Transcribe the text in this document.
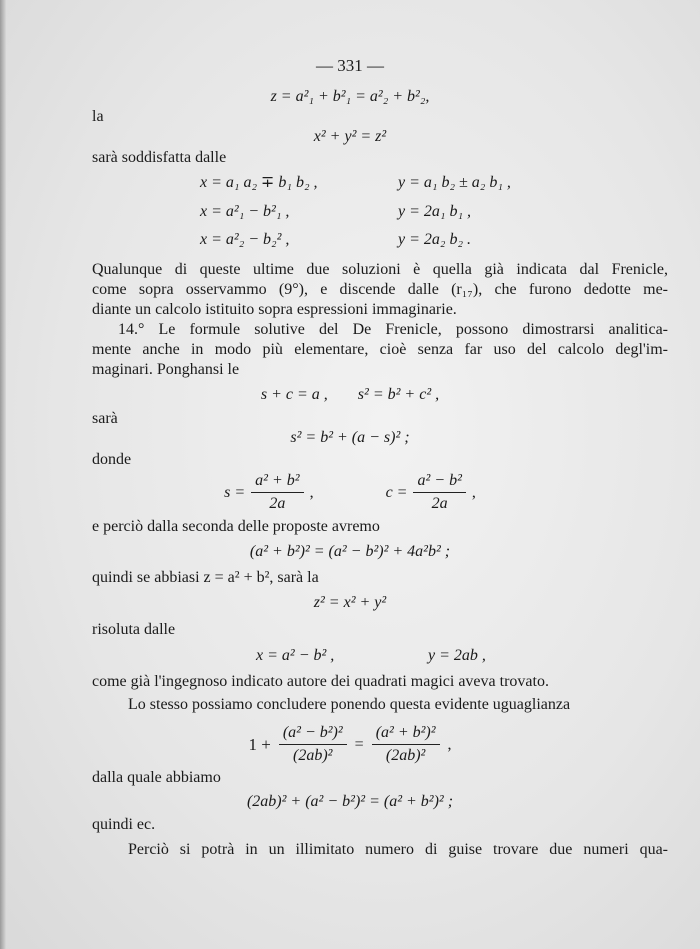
— 331 —
z = a²₁ + b²₁ = a²₂ + b²₂,
la
x² + y² = z²
sarà soddisfatta dalle
x = a₁ a₂ ∓ b₁ b₂ ,	y = a₁ b₂ ± a₂ b₁ ,
x = a²₁ − b²₁ ,	y = 2a₁ b₁ ,
x = a²₂ − b₂² ,	y = 2a₂ b₂ .
Qualunque di queste ultime due soluzioni è quella già indicata dal Frenicle,
come sopra osservammo (9°), e discende dalle (r₁₇), che furono dedotte me-
diante un calcolo istituito sopra espressioni immaginarie.
14.° Le formule solutive del De Frenicle, possono dimostrarsi analitica-
mente anche in modo più elementare, cioè senza far uso del calcolo degl'im-
maginari. Ponghansi le
s + c = a , s² = b² + c² ,
sarà
s² = b² + (a − s)² ;
donde
$s = \frac{\text{a² + b²}}{2a}$ ,	$c = \frac{\text{a² − b²}}{2a}$ ,
e perciò dalla seconda delle proposte avremo
(a² + b²)² = (a² − b²)² + 4a²b² ;
quindi se abbiasi z = a² + b², sarà la
z² = x² + y²
risoluta dalle
x = a² − b² ,	y = 2ab ,
come già l'ingegnoso indicato autore dei quadrati magici aveva trovato.
Lo stesso possiamo concludere ponendo questa evidente uguaglianza
$1 + \frac{\text{(a² − b²)²}}{\text{(2ab)²}} = \frac{\text{(a² + b²)²}}{\text{(2ab)²}}$ ,
dalla quale abbiamo
(2ab)² + (a² − b²)² = (a² + b²)² ;
quindi ec.
Perciò si potrà in un illimitato numero di guise trovare due numeri qua-
